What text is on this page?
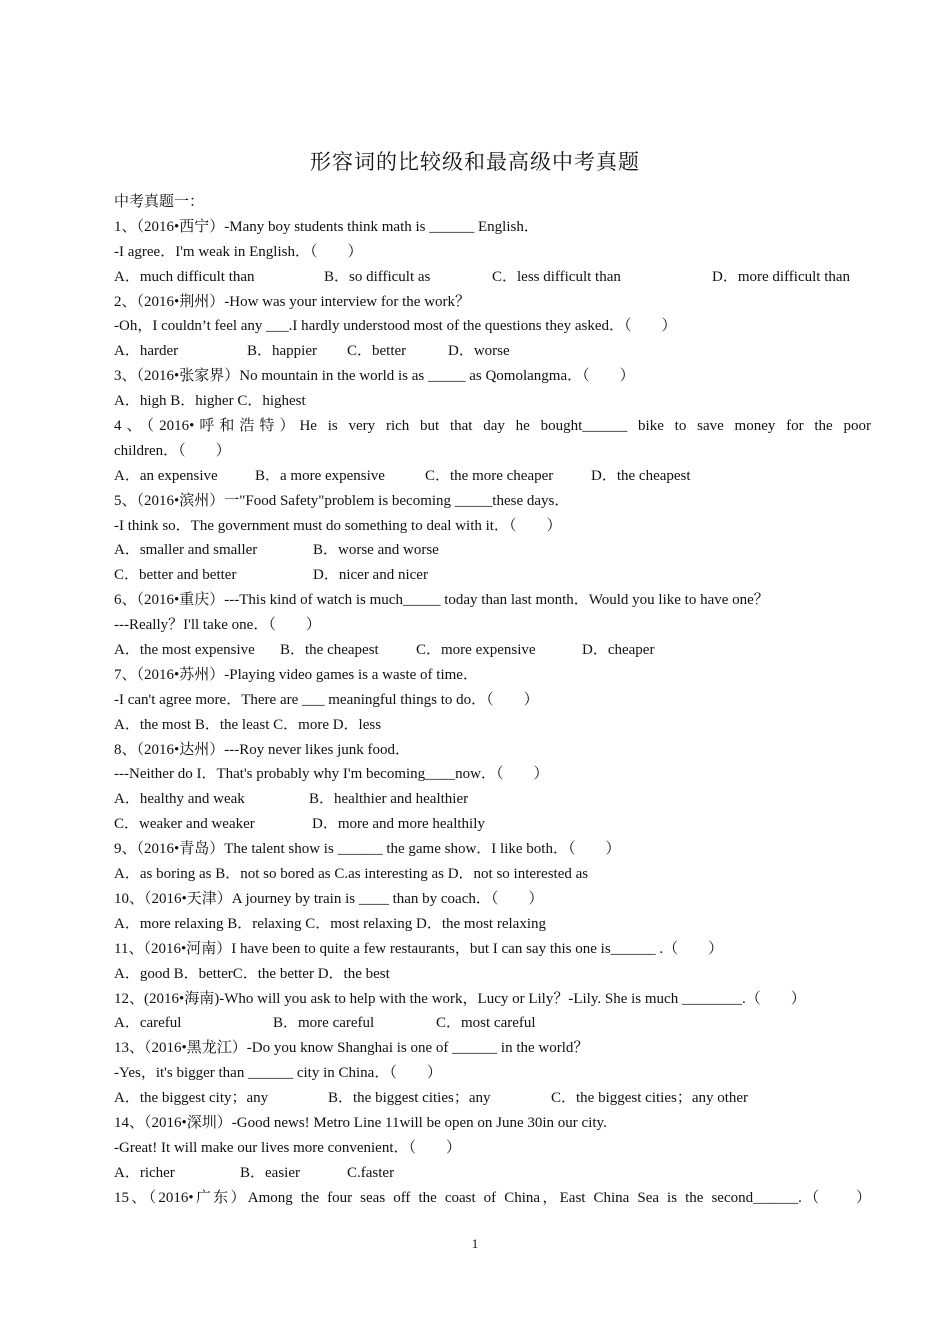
形容词的比较级和最高级中考真题
中考真题一：
1、（2016•西宁）-Many boy students think math is ______ English．
-I agree．I'm weak in English．（　　）
A．much difficult than	B．so difficult as	C．less difficult than	D．more difficult than
2、（2016•荆州）-How was your interview for the work？
-Oh，I couldn’t feel any ___.I hardly understood most of the questions they asked．（　　）
A．harder	B．happier C．better	D．worse
3、（2016•张家界）No mountain in the world is as _____ as Qomolangma．（　　）
A．high B．higher C．highest
4、（2016•呼和浩特）He is very rich but that day he bought______ bike to save money for the poor
children．（　　）
A．an expensive B．a more expensive	C．the more cheaper	D．the cheapest
5、（2016•滨州）一"Food Safety"problem is becoming _____these days．
-I think so．The government must do something to deal with it．（　　）
A．smaller and smaller	B．worse and worse
C．better and better	D．nicer and nicer
6、（2016•重庆）---This kind of watch is much_____ today than last month．Would you like to have one？
---Really？I'll take one．（　　）
A．the most expensive B．the cheapest C．more expensive	D．cheaper
7、（2016•苏州）-Playing video games is a waste of time．
-I can't agree more．There are ___ meaningful things to do．（　　）
A．the most B．the least C．more D．less
8、（2016•达州）---Roy never likes junk food．
---Neither do I．That's probably why I'm becoming____now．（　　）
A．healthy and weak	B．healthier and healthier
C．weaker and weaker	D．more and more healthily
9、（2016•青岛）The talent show is ______ the game show．I like both．（　　）
A．as boring as B．not so bored as C.as interesting as D．not so interested as
10、（2016•天津）A journey by train is ____ than by coach．（　　）
A．more relaxing B．relaxing C．most relaxing D．the most relaxing
11、（2016•河南）I have been to quite a few restaurants，but I can say this one is______ .（　　）
A．good B．betterC．the better D．the best
12、(2016•海南)-Who will you ask to help with the work，Lucy or Lily？-Lily. She is much ________.（　　）
A．careful	B．more careful	C．most careful
13、（2016•黑龙江）-Do you know Shanghai is one of ______ in the world？
-Yes，it's bigger than ______ city in China．（　　）
A．the biggest city；any	B．the biggest cities；any	C．the biggest cities；any other
14、（2016•深圳）-Good news! Metro Line 11will be open on June 30in our city.
-Great! It will make our lives more convenient．（　　）
A．richer	B．easier	C.faster
15、（2016•广东）Among the four seas off the coast of China，East China Sea is the second______.（　　）
1
